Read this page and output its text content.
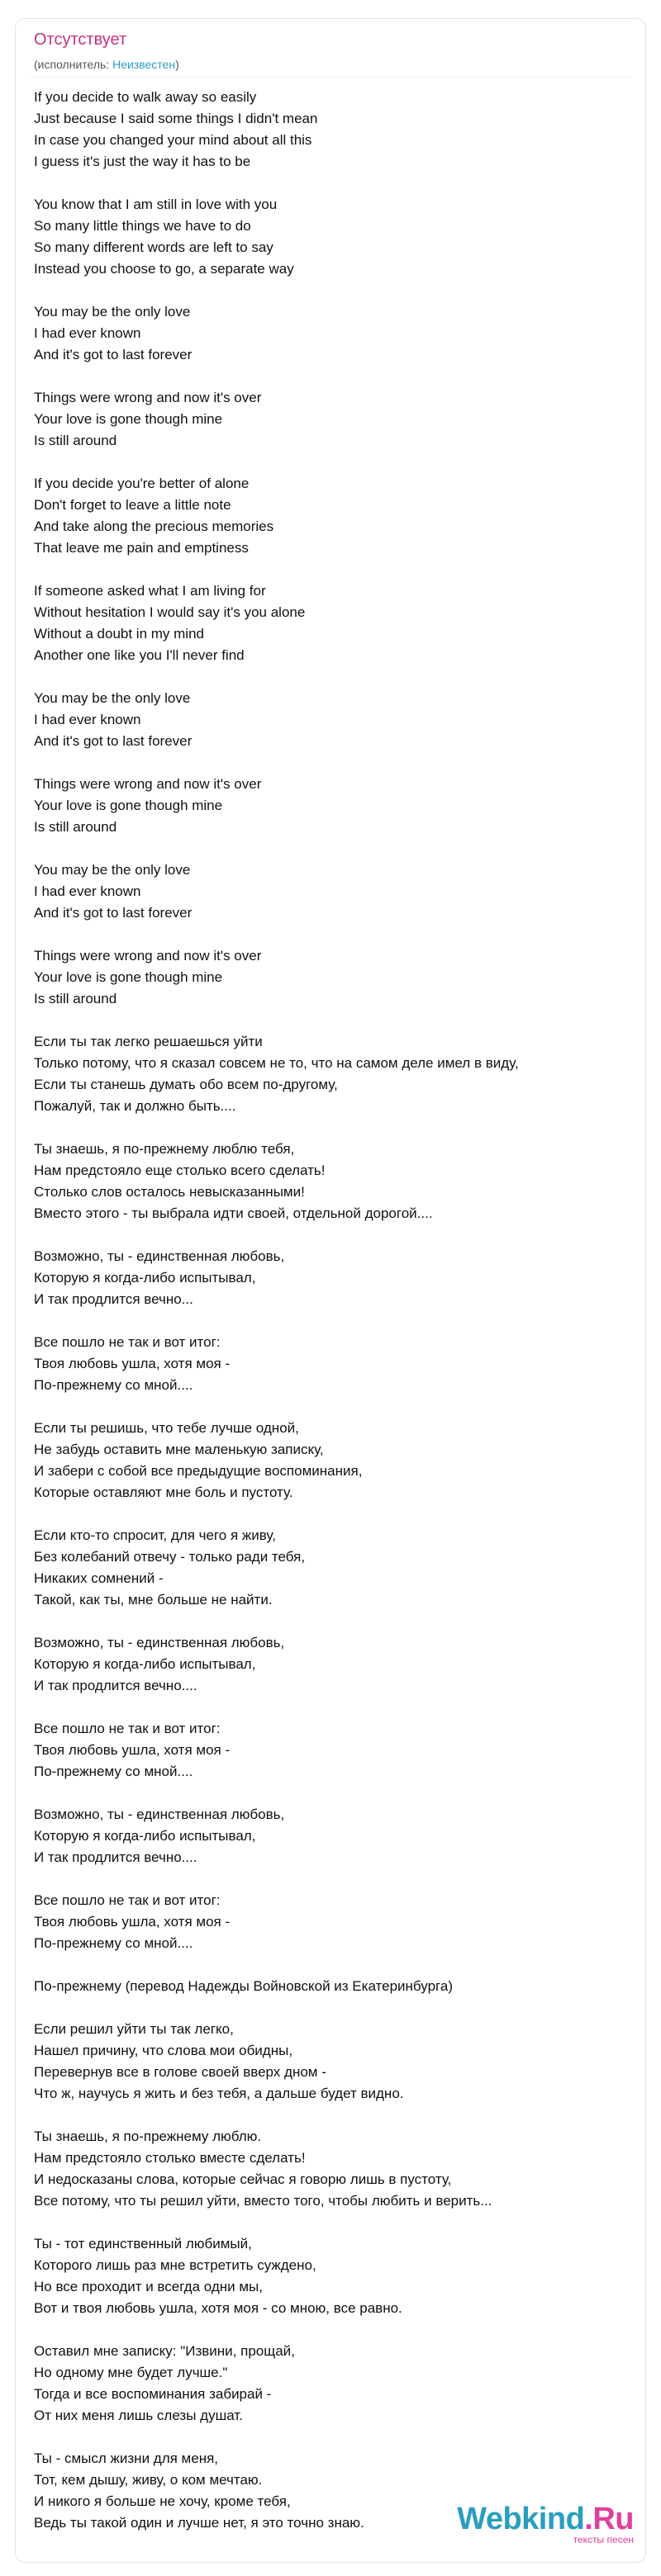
Отсутствует
(исполнитель: Неизвестен)
If you decide to walk away so easily
Just because I said some things I didn't mean
In case you changed your mind about all this
I guess it's just the way it has to be
You know that I am still in love with you
So many little things we have to do
So many different words are left to say
Instead you choose to go, a separate way
You may be the only love
I had ever known
And it's got to last forever
Things were wrong and now it's over
Your love is gone though mine
Is still around
If you decide you're better of alone
Don't forget to leave a little note
And take along the precious memories
That leave me pain and emptiness
If someone asked what I am living for
Without hesitation I would say it's you alone
Without a doubt in my mind
Another one like you I'll never find
You may be the only love
I had ever known
And it's got to last forever
Things were wrong and now it's over
Your love is gone though mine
Is still around
You may be the only love
I had ever known
And it's got to last forever
Things were wrong and now it's over
Your love is gone though mine
Is still around
Если ты так легко решаешься уйти
Только потому, что я сказал совсем не то, что на самом деле имел в виду,
Если ты станешь думать обо всем по-другому,
Пожалуй, так и должно быть....
Ты знаешь, я по-прежнему люблю тебя,
Нам предстояло еще столько всего сделать!
Столько слов осталось невысказанными!
Вместо этого - ты выбрала идти своей, отдельной дорогой....
Возможно, ты - единственная любовь,
Которую я когда-либо испытывал,
И так продлится вечно...
Все пошло не так и вот итог:
Твоя любовь ушла, хотя моя -
По-прежнему со мной....
Если ты решишь, что тебе лучше одной,
Не забудь оставить мне маленькую записку,
И забери с собой все предыдущие воспоминания,
Которые оставляют мне боль и пустоту.
Если кто-то спросит, для чего я живу,
Без колебаний отвечу - только ради тебя,
Никаких сомнений -
Такой, как ты, мне больше не найти.
Возможно, ты - единственная любовь,
Которую я когда-либо испытывал,
И так продлится вечно....
Все пошло не так и вот итог:
Твоя любовь ушла, хотя моя -
По-прежнему со мной....
Возможно, ты - единственная любовь,
Которую я когда-либо испытывал,
И так продлится вечно....
Все пошло не так и вот итог:
Твоя любовь ушла, хотя моя -
По-прежнему со мной....
По-прежнему (перевод Надежды Войновской из Екатеринбурга)
Если решил уйти ты так легко,
Нашел причину, что слова мои обидны,
Перевернув все в голове своей вверх дном -
Что ж, научусь я жить и без тебя, а дальше будет видно.
Ты знаешь, я по-прежнему люблю.
Нам предстояло столько вместе сделать!
И недосказаны слова, которые сейчас я говорю лишь в пустоту,
Все потому, что ты решил уйти, вместо того, чтобы любить и верить...
Ты - тот единственный любимый,
Которого лишь раз мне встретить суждено,
Но все проходит и всегда одни мы,
Вот и твоя любовь ушла, хотя моя - со мною, все равно.
Оставил мне записку: "Извини, прощай,
Но одному мне будет лучше."
Тогда и все воспоминания забирай -
От них меня лишь слезы душат.
Ты - смысл жизни для меня,
Тот, кем дышу, живу, о ком мечтаю.
И никого я больше не хочу, кроме тебя,
Ведь ты такой один и лучше нет, я это точно знаю.	Webkind.Ru
тексты песен
